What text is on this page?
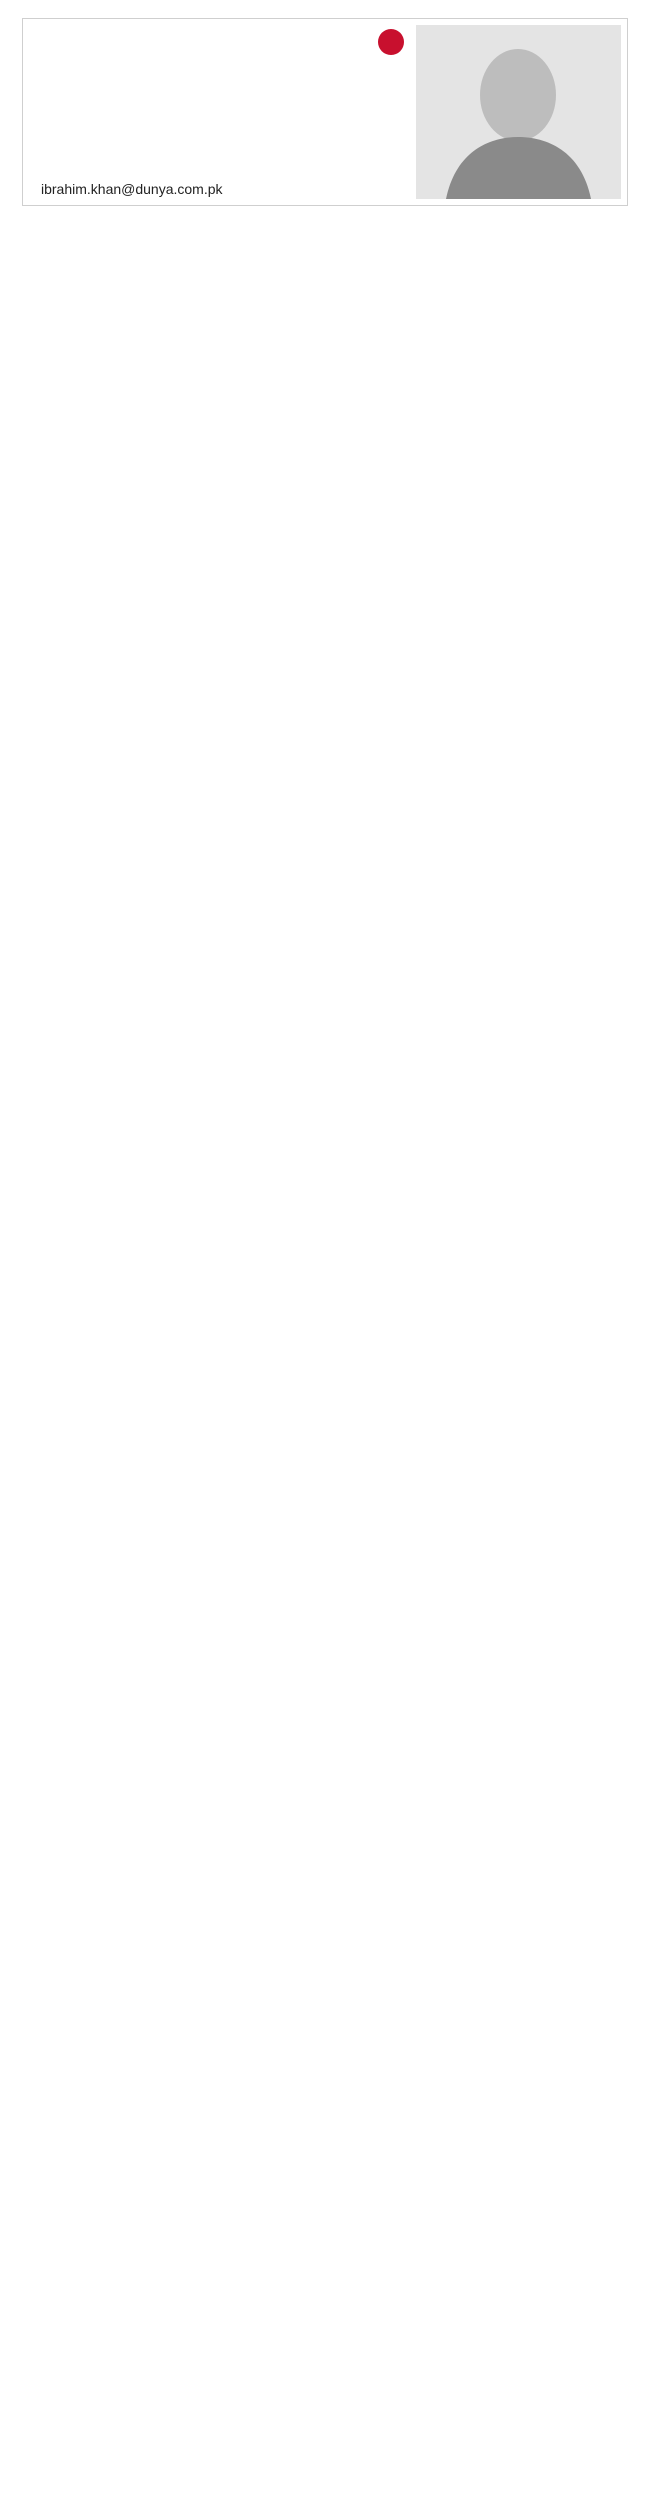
ibrahim.khan@dunya.com.pk
